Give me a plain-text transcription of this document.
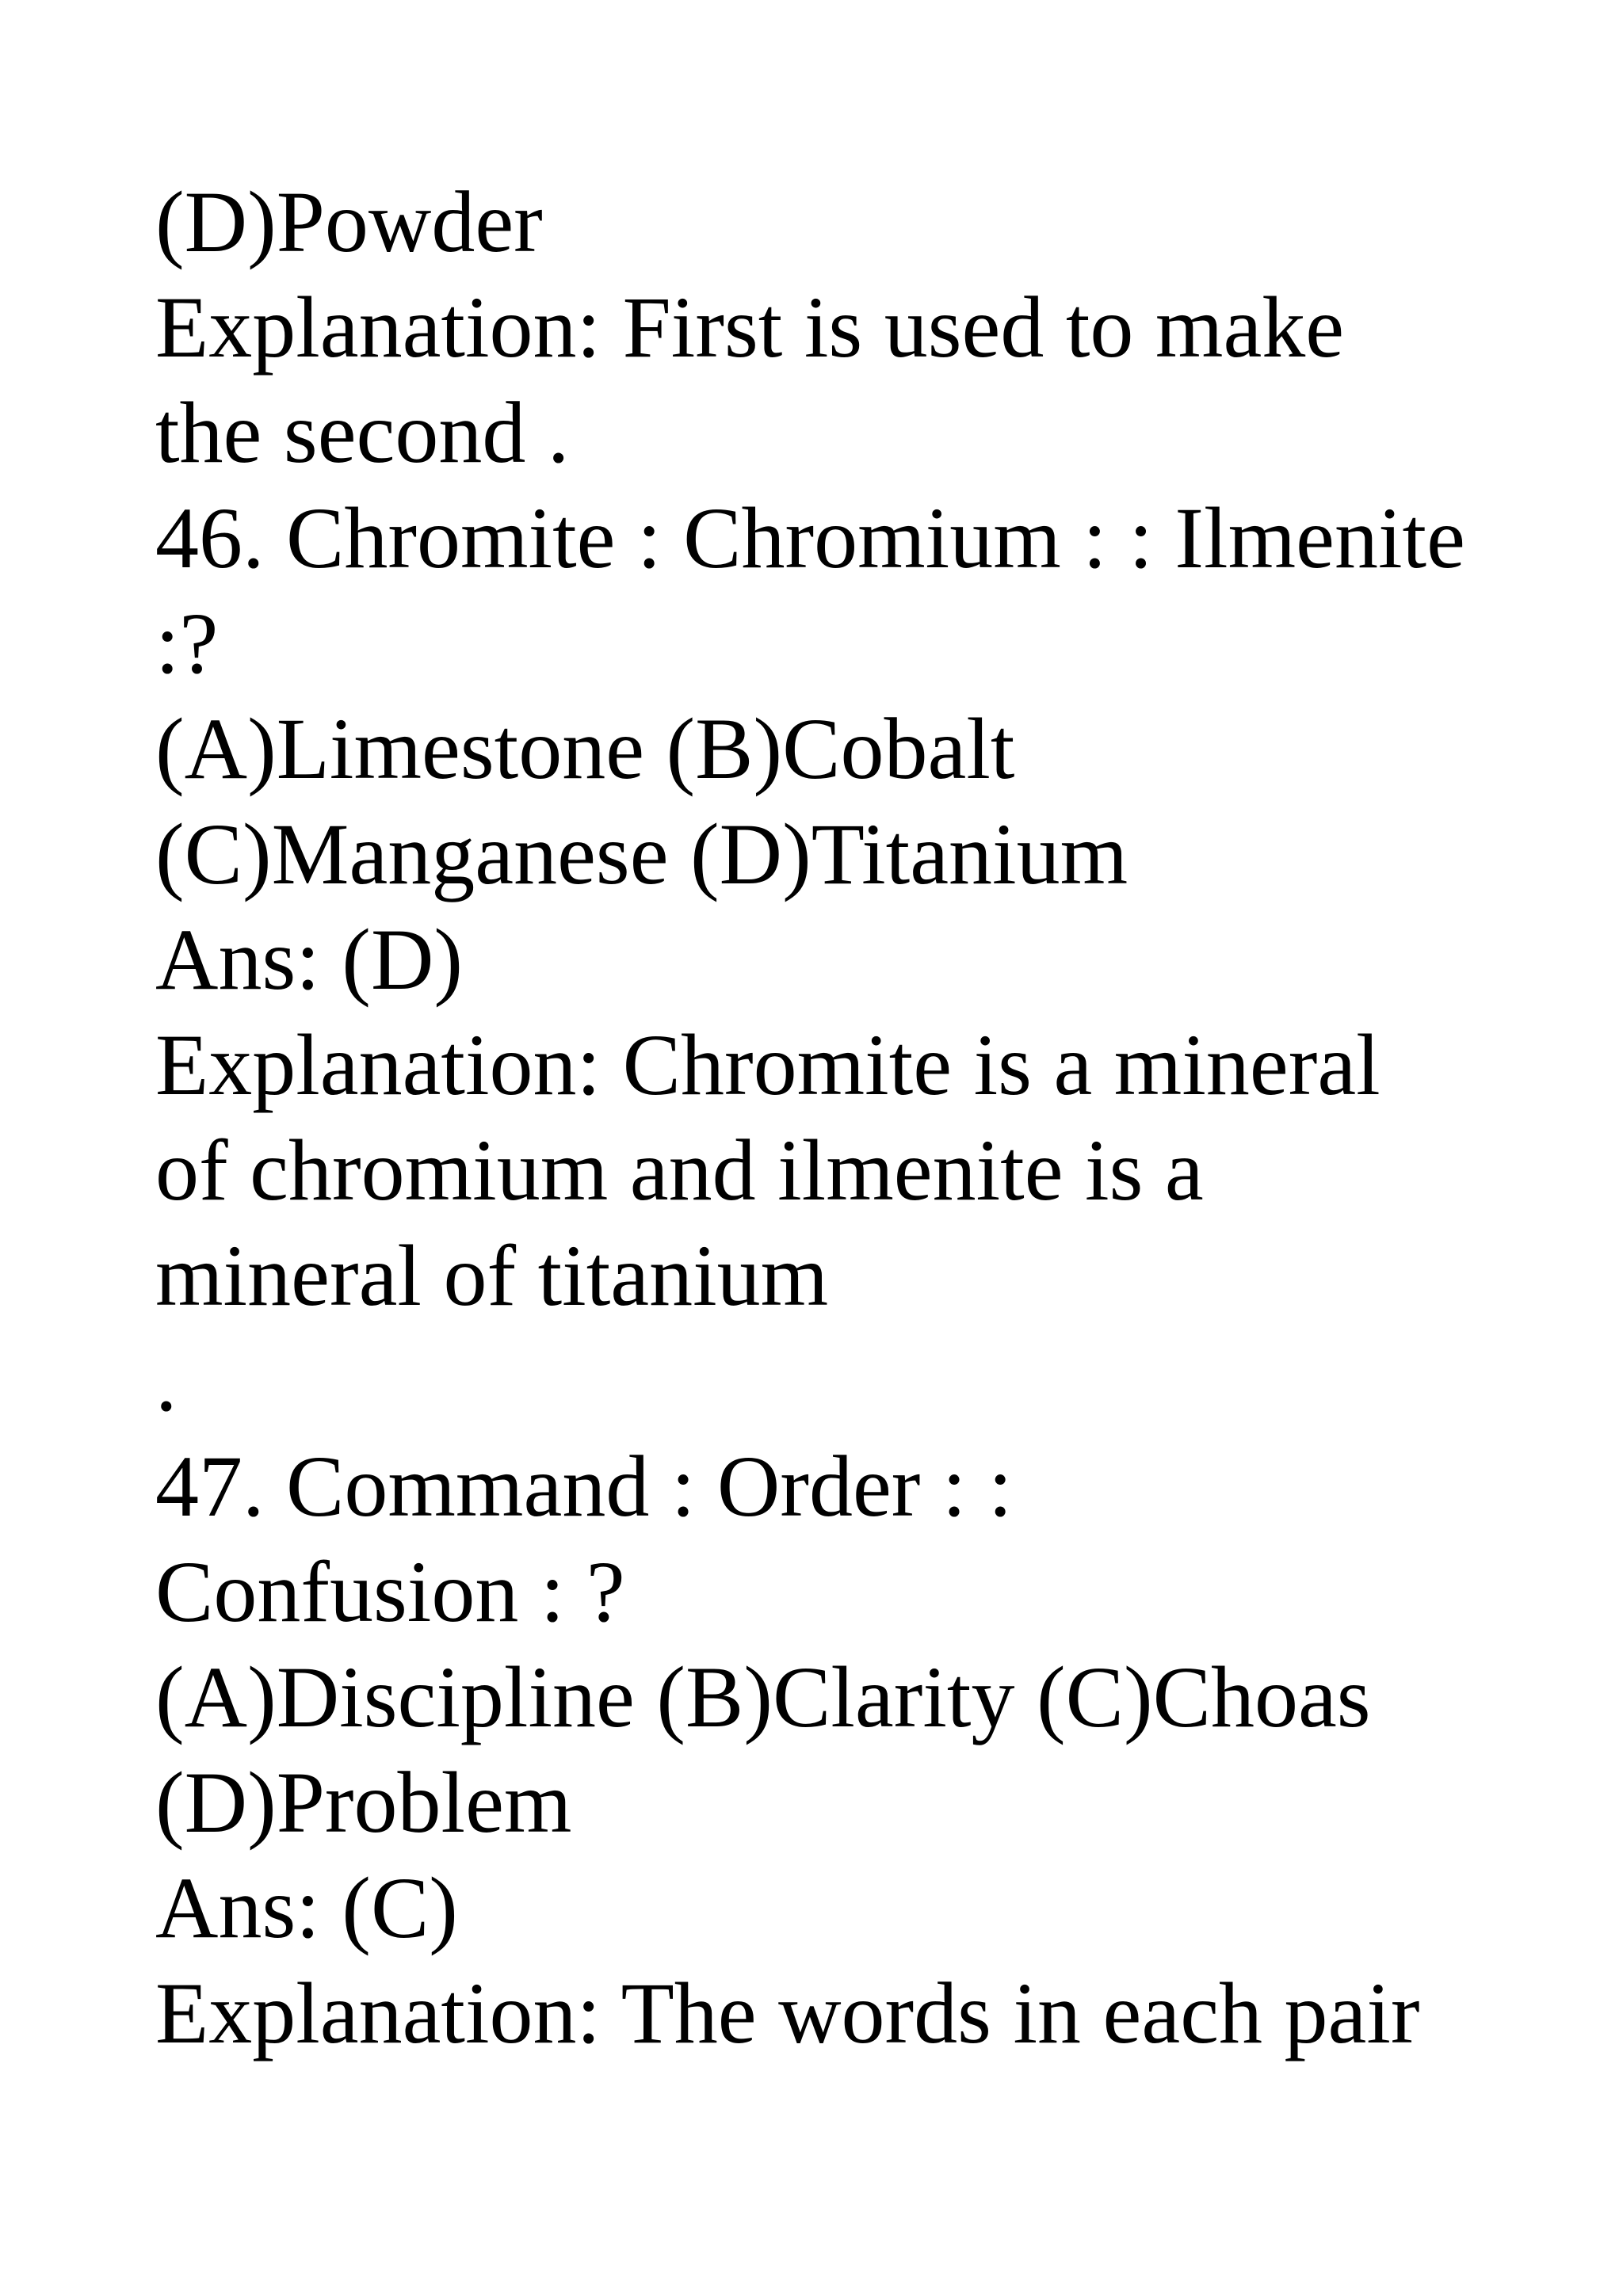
(D)Powder

Explanation: First is used to make

the second .

46. Chromite : Chromium : : Ilmenite

:?

(A)Limestone (B)Cobalt

(C)Manganese (D)Titanium

Ans: (D)

Explanation: Chromite is a mineral

of chromium and ilmenite is a

mineral of titanium

.

47. Command : Order : :

Confusion : ?

(A)Discipline (B)Clarity (C)Choas

(D)Problem

Ans: (C)

Explanation: The words in each pair
